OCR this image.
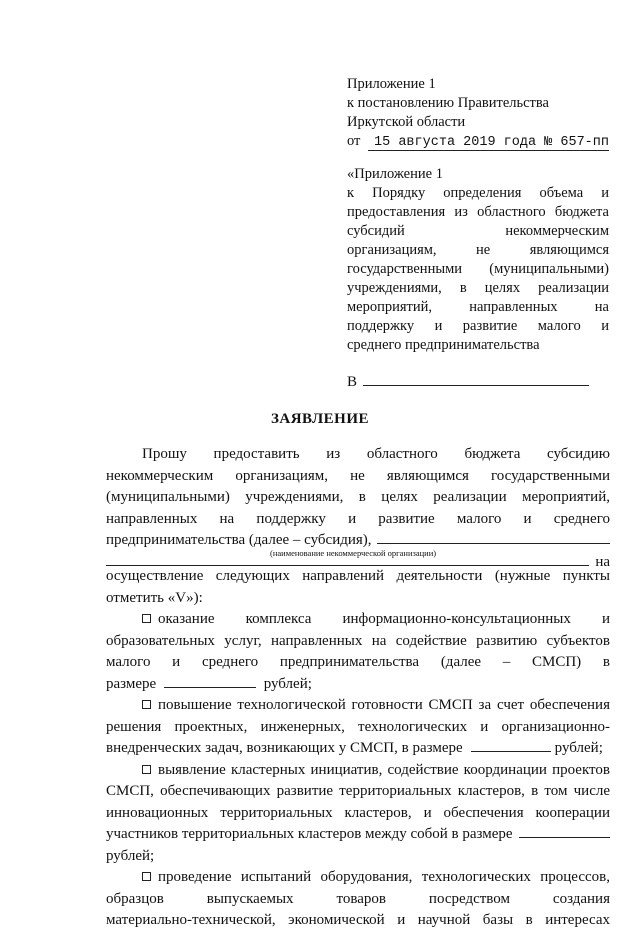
Приложение 1
к постановлению Правительства
Иркутской области
от 15 августа 2019 года № 657-пп
«Приложение 1
к Порядку определения объема и
предоставления из областного бюджета
субсидий некоммерческим
организациям, не являющимся
государственными (муниципальными)
учреждениями, в целях реализации
мероприятий, направленных на
поддержку и развитие малого и
среднего предпринимательства
В
ЗАЯВЛЕНИЕ
Прошу предоставить из областного бюджета субсидию
некоммерческим организациям, не являющимся государственными
(муниципальными) учреждениями, в целях реализации мероприятий,
направленных на поддержку и развитие малого и среднего
предпринимательства (далее – субсидия),
на
(наименование некоммерческой организации)
осуществление следующих направлений деятельности (нужные пункты
отметить «V»):
оказание комплекса информационно-консультационных и
образовательных услуг, направленных на содействие развитию субъектов
малого и среднего предпринимательства (далее – СМСП) в
размере	рублей;
повышение технологической готовности СМСП за счет обеспечения
решения проектных, инженерных, технологических и организационно-
внедренческих задач, возникающих у СМСП, в размере	рублей;
выявление кластерных инициатив, содействие координации проектов
СМСП, обеспечивающих развитие территориальных кластеров, в том числе
инновационных территориальных кластеров, и обеспечения кооперации
участников территориальных кластеров между собой в размере
рублей;
проведение испытаний оборудования, технологических процессов,
образцов выпускаемых товаров посредством создания
материально-технической, экономической и научной базы в интересах
